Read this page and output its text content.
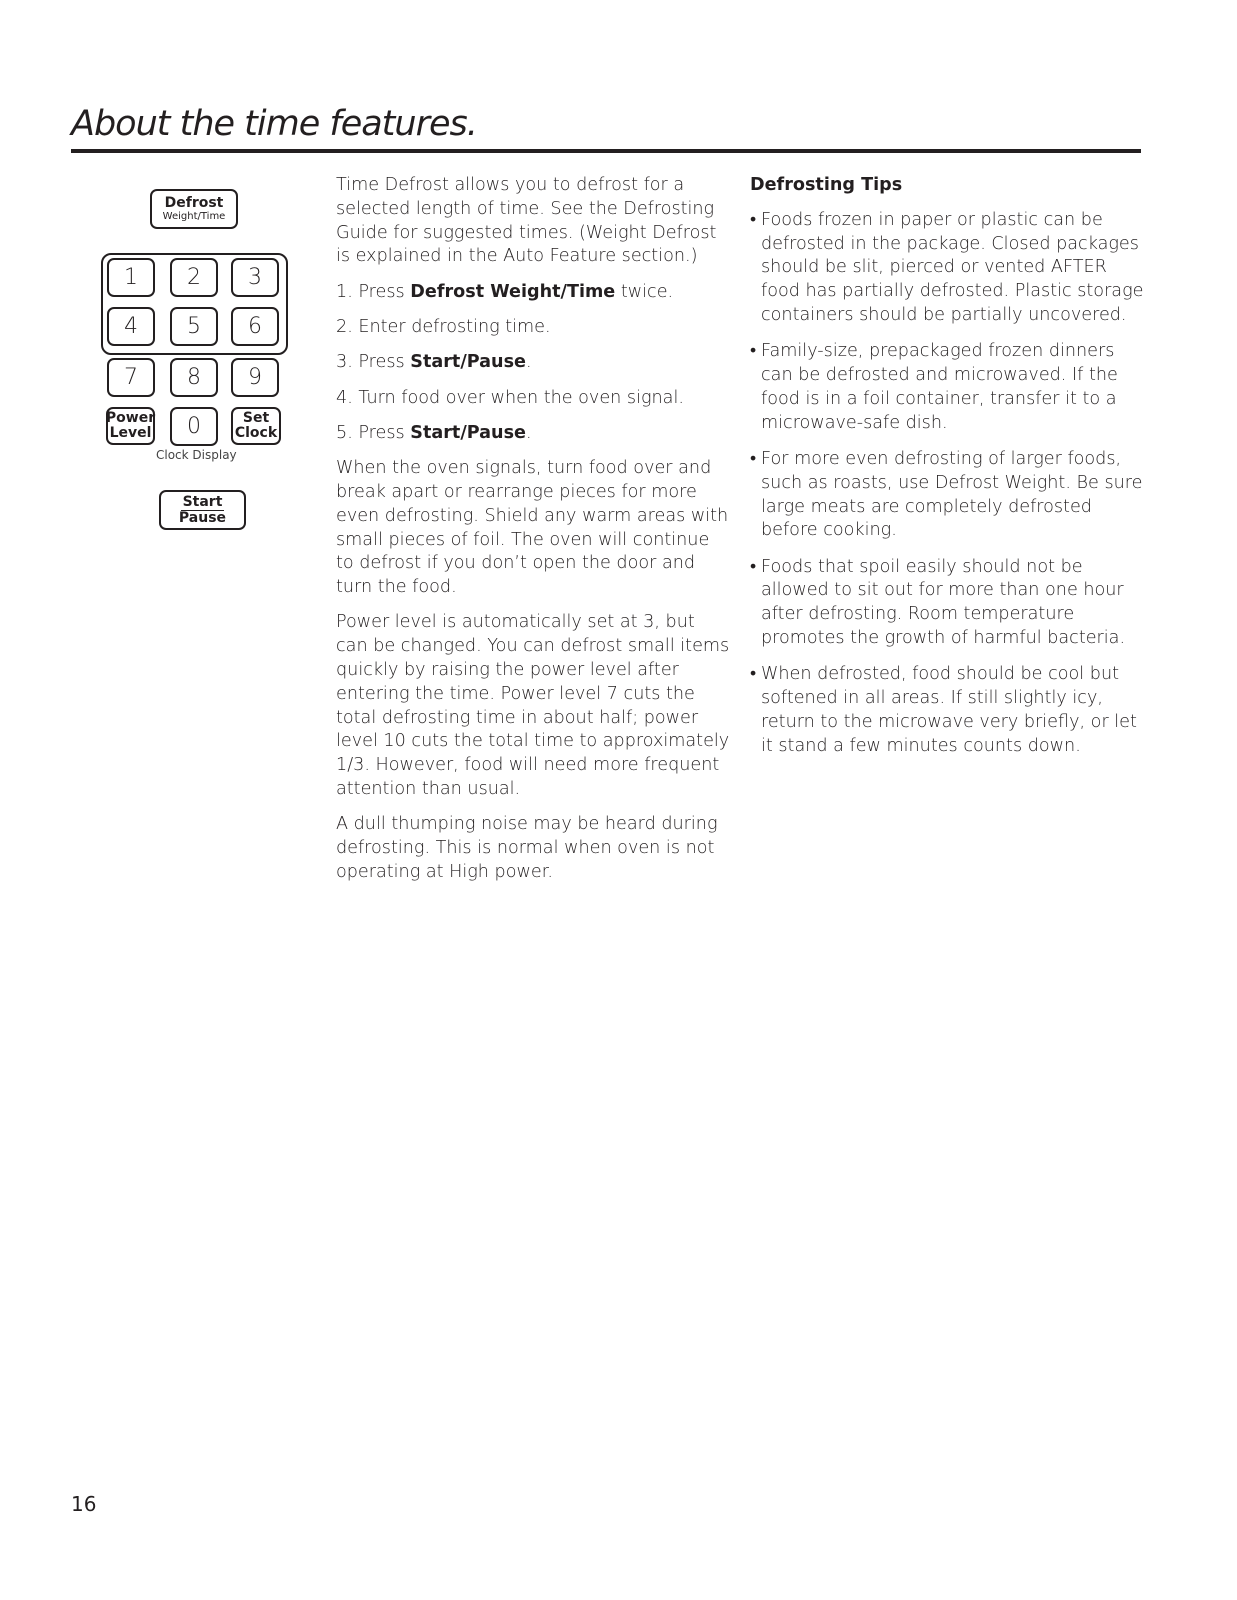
About the time features.
Defrost
Weight/Time
1 2 3
4 5 6
7 8 9
Power
Level 0	Set
Clock
Clock Display
Start
Pause

Time Defrost allows you to defrost for a selected length of time. See the Defrosting Guide for suggested times. (Weight Defrost is explained in the Auto Feature section.)

1. Press Defrost Weight/Time twice.

2. Enter defrosting time.

3. Press Start/Pause.

4. Turn food over when the oven signal.

5. Press Start/Pause.

When the oven signals, turn food over and break apart or rearrange pieces for more even defrosting. Shield any warm areas with small pieces of foil. The oven will continue to defrost if you don’t open the door and turn the food.

Power level is automatically set at 3, but can be changed. You can defrost small items quickly by raising the power level after entering the time. Power level 7 cuts the total defrosting time in about half; power level 10 cuts the total time to approximately 1/3. However, food will need more frequent attention than usual.

A dull thumping noise may be heard during defrosting. This is normal when oven is not operating at High power.

Defrosting Tips
• Foods frozen in paper or plastic can be defrosted in the package. Closed packages should be slit, pierced or vented AFTER food has partially defrosted. Plastic storage containers should be partially uncovered.
• Family-size, prepackaged frozen dinners can be defrosted and microwaved. If the food is in a foil container, transfer it to a microwave-safe dish.
• For more even defrosting of larger foods, such as roasts, use Defrost Weight. Be sure large meats are completely defrosted before cooking.
• Foods that spoil easily should not be allowed to sit out for more than one hour after defrosting. Room temperature promotes the growth of harmful bacteria.
• When defrosted, food should be cool but softened in all areas. If still slightly icy, return to the microwave very briefly, or let it stand a few minutes counts down.
16
